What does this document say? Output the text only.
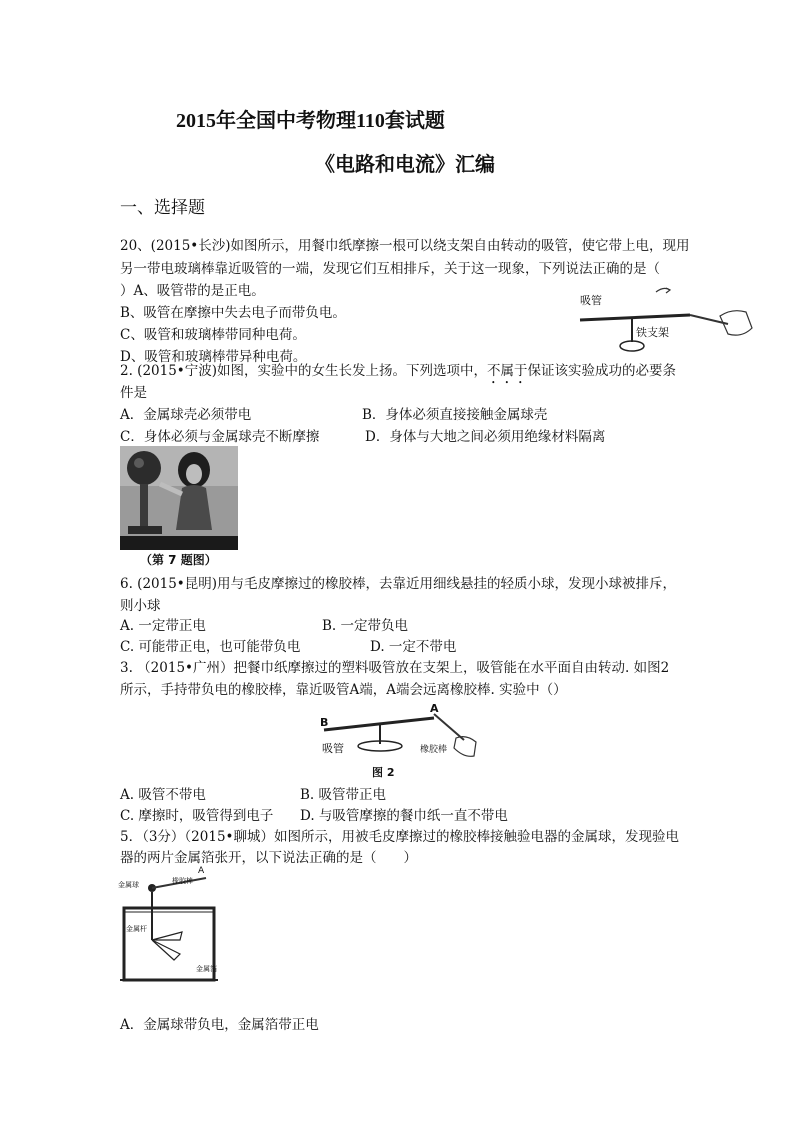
2015年全国中考物理110套试题
《电路和电流》汇编
一、选择题
20、(2015•长沙)如图所示，用餐巾纸摩擦一根可以绕支架自由转动的吸管，使它带上电，现用
另一带电玻璃棒靠近吸管的一端，发现它们互相排斥，关于这一现象，下列说法正确的是（
）A、吸管带的是正电。
B、吸管在摩擦中失去电子而带负电。
C、吸管和玻璃棒带同种电荷。
D、吸管和玻璃棒带异种电荷。
吸管
铁支架
2. (2015•宁波)如图，实验中的女生长发上扬。下列选项中，不属于保证该实验成功的必要条
件是
A．金属球壳必须带电	B．身体必须直接接触金属球壳
C．身体必须与金属球壳不断摩擦	D．身体与大地之间必须用绝缘材料隔离
（第 7 题图）
6. (2015•昆明)用与毛皮摩擦过的橡胶棒，去靠近用细线悬挂的轻质小球，发现小球被排斥，
则小球
A. 一定带正电	B. 一定带负电
C. 可能带正电，也可能带负电	D. 一定不带电
3. （2015•广州）把餐巾纸摩擦过的塑料吸管放在支架上，吸管能在水平面自由转动. 如图2
所示，手持带负电的橡胶棒，靠近吸管A端，A端会远离橡胶棒. 实验中（）
B
A
吸管	橡胶棒
图 2
A. 吸管不带电	B. 吸管带正电
C. 摩擦时，吸管得到电子 D. 与吸管摩擦的餐巾纸一直不带电
5．（3分）（2015•聊城）如图所示，用被毛皮摩擦过的橡胶棒接触验电器的金属球，发现验电
器的两片金属箔张开，以下说法正确的是（　　）
金属球	橡胶棒
A
金属杆
金属箔
A．金属球带负电，金属箔带正电
